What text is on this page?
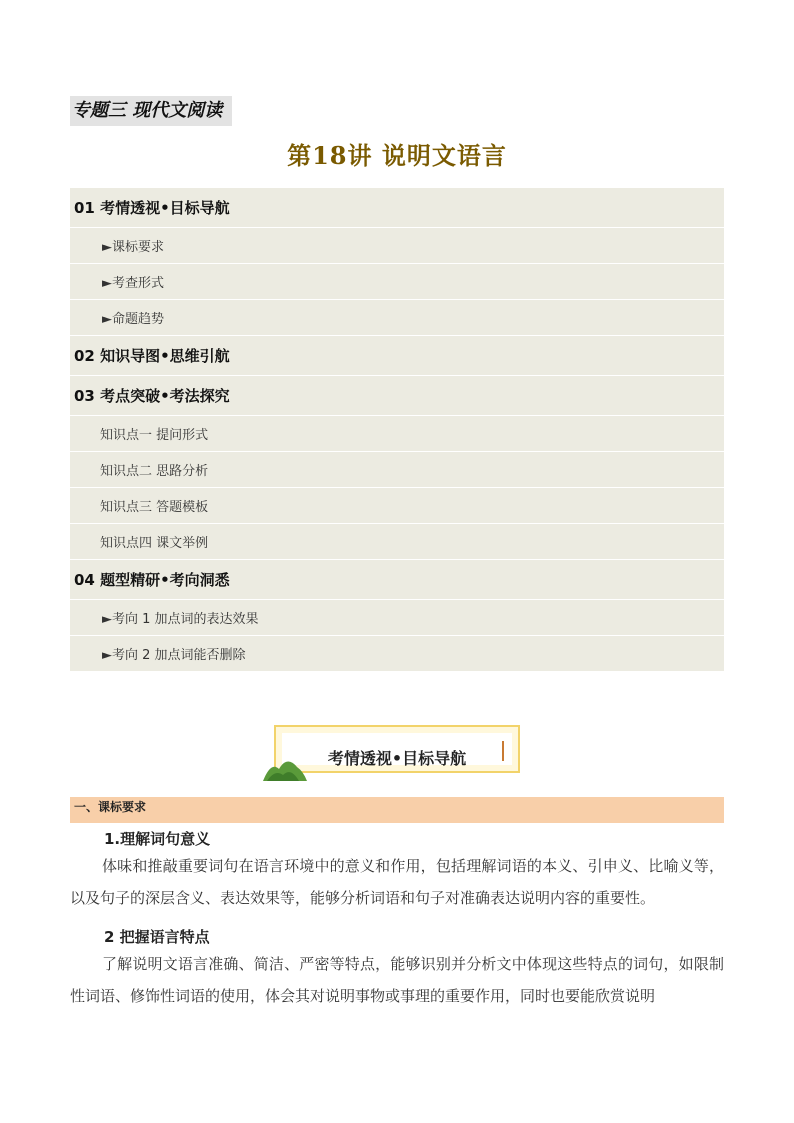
专题三 现代文阅读
第18讲 说明文语言
01 考情透视•目标导航
►课标要求
►考查形式
►命题趋势
02 知识导图•思维引航
03 考点突破•考法探究
知识点一 提问形式
知识点二 思路分析
知识点三 答题模板
知识点四 课文举例
04 题型精研•考向洞悉
►考向 1 加点词的表达效果
►考向 2 加点词能否删除
考情透视•目标导航
一、课标要求
1.理解词句意义
体味和推敲重要词句在语言环境中的意义和作用，包括理解词语的本义、引申义、比喻义等，以及句子的深层含义、表达效果等，能够分析词语和句子对准确表达说明内容的重要性。
2 把握语言特点
了解说明文语言准确、简洁、严密等特点，能够识别并分析文中体现这些特点的词句，如限制性词语、修饰性词语的使用，体会其对说明事物或事理的重要作用，同时也要能欣赏说明
